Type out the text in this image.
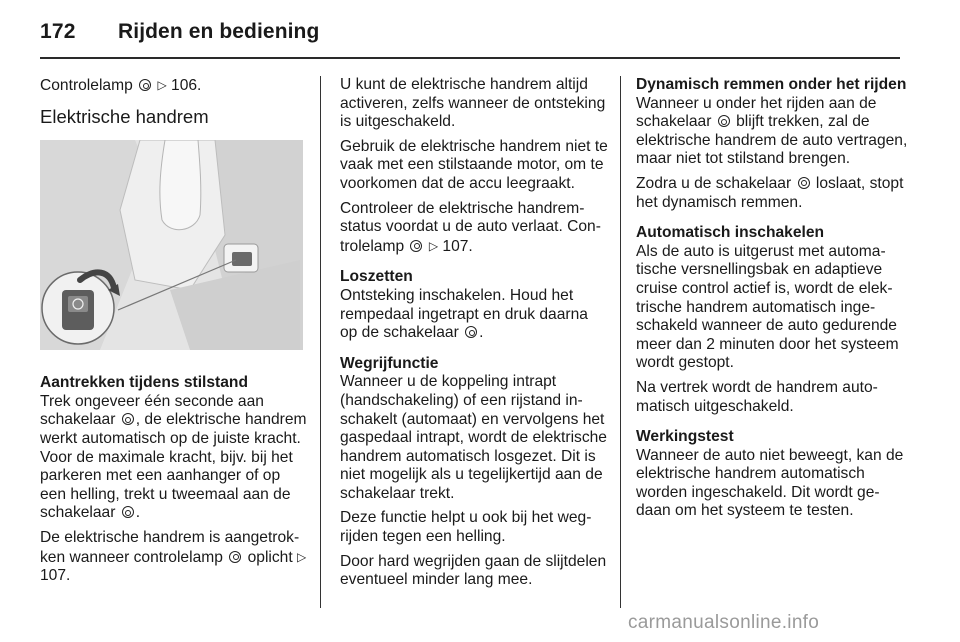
172 Rijden en bediening

Controlelamp ▷ 106.

Elektrische handrem
Aantrekken tijdens stilstand

Trek ongeveer één seconde aan schakelaar , de elektrische handrem werkt automatisch op de juiste kracht. Voor de maximale kracht, bijv. bij het parkeren met een aanhanger of op een helling, trekt u tweemaal aan de schakelaar .

De elektrische handrem is aangetrokken wanneer controlelamp oplicht ▷ 107.

U kunt de elektrische handrem altijd activeren, zelfs wanneer de ontsteking is uitgeschakeld.

Gebruik de elektrische handrem niet te vaak met een stilstaande motor, om te voorkomen dat de accu leegraakt.

Controleer de elektrische handremstatus voordat u de auto verlaat. Controlelamp ▷ 107.

Loszetten

Ontsteking inschakelen. Houd het rempedaal ingetrapt en druk daarna op de schakelaar .

Wegrijfunctie

Wanneer u de koppeling intrapt (handschakeling) of een rijstand inschakelt (automaat) en vervolgens het gaspedaal intrapt, wordt de elektrische handrem automatisch losgezet. Dit is niet mogelijk als u tegelijkertijd aan de schakelaar trekt.

Deze functie helpt u ook bij het wegrijden tegen een helling.

Door hard wegrijden gaan de slijtdelen eventueel minder lang mee.

Dynamisch remmen onder het rijden

Wanneer u onder het rijden aan de schakelaar blijft trekken, zal de elektrische handrem de auto vertragen, maar niet tot stilstand brengen.

Zodra u de schakelaar loslaat, stopt het dynamisch remmen.

Automatisch inschakelen

Als de auto is uitgerust met automatische versnellingsbak en adaptieve cruise control actief is, wordt de elektrische handrem automatisch ingeschakeld wanneer de auto gedurende meer dan 2 minuten door het systeem wordt gestopt.

Na vertrek wordt de handrem automatisch uitgeschakeld.

Werkingstest

Wanneer de auto niet beweegt, kan de elektrische handrem automatisch worden ingeschakeld. Dit wordt gedaan om het systeem te testen.

carmanualsonline.info
